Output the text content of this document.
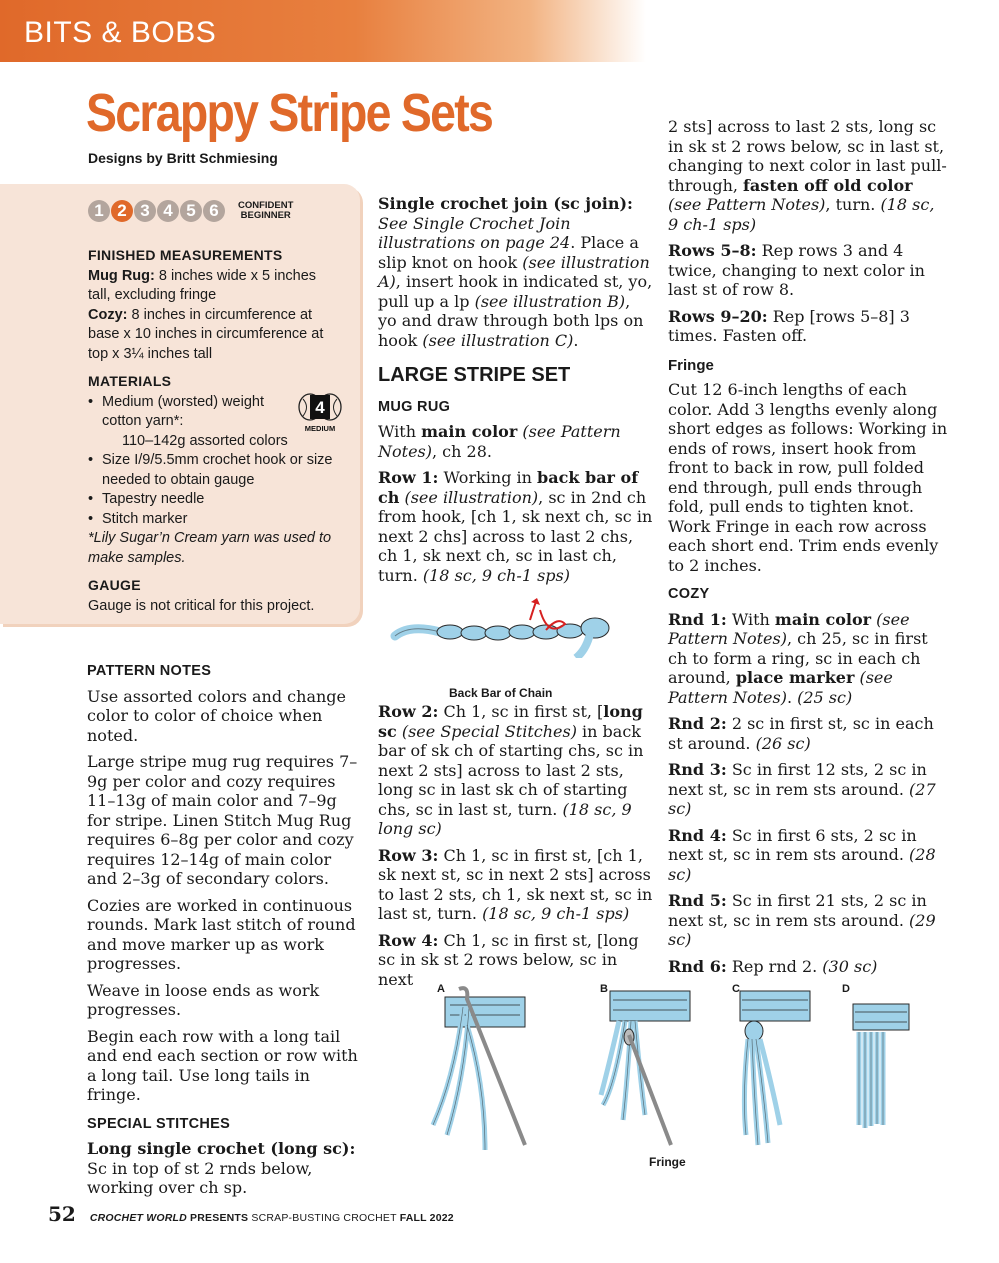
BITS & BOBS
Scrappy Stripe Sets
Designs by Britt Schmiesing
1 2 3 4 5 6	CONFIDENT
BEGINNER
FINISHED MEASUREMENTS
Mug Rug: 8 inches wide x 5 inches tall, excluding fringe
Cozy: 8 inches in circumference at base x 10 inches in circumference at top x 3¼ inches tall
MATERIALS
• Medium (worsted) weight
cotton yarn*:
110–142g assorted colors
• Size I/9/5.5mm crochet hook or size needed to obtain gauge
• Tapestry needle
• Stitch marker
*Lily Sugar’n Cream yarn was used to make samples.
GAUGE
Gauge is not critical for this project.
4
MEDIUM
PATTERN NOTES

Use assorted colors and change color to color of choice when noted.

Large stripe mug rug requires 7–9g per color and cozy requires 11–13g of main color and 7–9g for stripe. Linen Stitch Mug Rug requires 6–8g per color and cozy requires 12–14g of main color and 2–3g of secondary colors.

Cozies are worked in continuous rounds. Mark last stitch of round and move marker up as work progresses.

Weave in loose ends as work progresses.

Begin each row with a long tail and end each section or row with a long tail. Use long tails in fringe.

SPECIAL STITCHES

Long single crochet (long sc): Sc in top of st 2 rnds below, working over ch sp.

Single crochet join (sc join): See Single Crochet Join illustrations on page 24. Place a slip knot on hook (see illustration A), insert hook in indicated st, yo, pull up a lp (see illustration B), yo and draw through both lps on hook (see illustration C).

LARGE STRIPE SET
MUG RUG

With main color (see Pattern Notes), ch 28.

Row 1: Working in back bar of ch (see illustration), sc in 2nd ch from hook, [ch 1, sk next ch, sc in next 2 chs] across to last 2 chs, ch 1, sk next ch, sc in last ch, turn. (18 sc, 9 ch-1 sps)

Row 2: Ch 1, sc in first st, [long sc (see Special Stitches) in back bar of sk ch of starting chs, sc in next 2 sts] across to last 2 sts, long sc in last sk ch of starting chs, sc in last st, turn. (18 sc, 9 long sc)

Row 3: Ch 1, sc in first st, [ch 1, sk next st, sc in next 2 sts] across to last 2 sts, ch 1, sk next st, sc in last st, turn. (18 sc, 9 ch-1 sps)

Row 4: Ch 1, sc in first st, [long sc in sk st 2 rows below, sc in next

Back Bar of Chain

2 sts] across to last 2 sts, long sc in sk st 2 rows below, sc in last st, changing to next color in last pull-through, fasten off old color (see Pattern Notes), turn. (18 sc, 9 ch-1 sps)

Rows 5–8: Rep rows 3 and 4 twice, changing to next color in last st of row 8.

Rows 9–20: Rep [rows 5–8] 3 times. Fasten off.

Fringe

Cut 12 6-inch lengths of each color. Add 3 lengths evenly along short edges as follows: Working in ends of rows, insert hook from front to back in row, pull folded end through, pull ends through fold, pull ends to tighten knot. Work Fringe in each row across each short end. Trim ends evenly to 2 inches.

COZY

Rnd 1: With main color (see Pattern Notes), ch 25, sc in first ch to form a ring, sc in each ch around, place marker (see Pattern Notes). (25 sc)

Rnd 2: 2 sc in first st, sc in each st around. (26 sc)

Rnd 3: Sc in first 12 sts, 2 sc in next st, sc in rem sts around. (27 sc)

Rnd 4: Sc in first 6 sts, 2 sc in next st, sc in rem sts around. (28 sc)

Rnd 5: Sc in first 21 sts, 2 sc in next st, sc in rem sts around. (29 sc)

Rnd 6: Rep rnd 2. (30 sc)

A	B	C	D
Fringe
52 CROCHET WORLD PRESENTS SCRAP-BUSTING CROCHET FALL 2022
